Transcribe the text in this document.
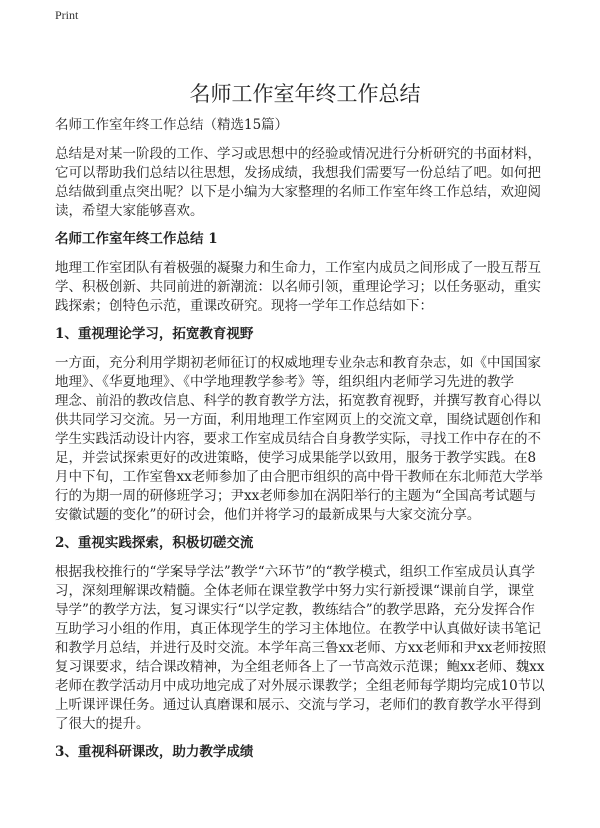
Print
名师工作室年终工作总结

名师工作室年终工作总结（精选15篇）

总结是对某一阶段的工作、学习或思想中的经验或情况进行分析研究的书面材料，
它可以帮助我们总结以往思想，发扬成绩，我想我们需要写一份总结了吧。如何把
总结做到重点突出呢？以下是小编为大家整理的名师工作室年终工作总结，欢迎阅
读，希望大家能够喜欢。
名师工作室年终工作总结 1
地理工作室团队有着极强的凝聚力和生命力，工作室内成员之间形成了一股互帮互
学、积极创新、共同前进的新潮流：以名师引领，重理论学习；以任务驱动，重实
践探索；创特色示范，重课改研究。现将一学年工作总结如下：
1、重视理论学习，拓宽教育视野
一方面，充分利用学期初老师征订的权威地理专业杂志和教育杂志，如《中国国家
地理》、《华夏地理》、《中学地理教学参考》等，组织组内老师学习先进的教学
理念、前沿的教改信息、科学的教育教学方法，拓宽教育视野，并撰写教育心得以
供共同学习交流。另一方面，利用地理工作室网页上的交流文章，围绕试题创作和
学生实践活动设计内容，要求工作室成员结合自身教学实际，寻找工作中存在的不
足，并尝试探索更好的改进策略，使学习成果能学以致用，服务于教学实践。在8
月中下旬，工作室鲁xx老师参加了由合肥市组织的高中骨干教师在东北师范大学举
行的为期一周的研修班学习；尹xx老师参加在涡阳举行的主题为“全国高考试题与
安徽试题的变化”的研讨会，他们并将学习的最新成果与大家交流分享。
2、重视实践探索，积极切磋交流
根据我校推行的“学案导学法”教学“六环节”的“教学模式，组织工作室成员认真学
习，深刻理解课改精髓。全体老师在课堂教学中努力实行新授课“课前自学，课堂
导学”的教学方法，复习课实行“以学定教，教练结合”的教学思路，充分发挥合作
互助学习小组的作用，真正体现学生的学习主体地位。在教学中认真做好读书笔记
和教学月总结，并进行及时交流。本学年高三鲁xx老师、方xx老师和尹xx老师按照
复习课要求，结合课改精神，为全组老师各上了一节高效示范课；鲍xx老师、魏xx
老师在教学活动月中成功地完成了对外展示课教学；全组老师每学期均完成10节以
上听课评课任务。通过认真磨课和展示、交流与学习，老师们的教育教学水平得到
了很大的提升。
3、重视科研课改，助力教学成绩
